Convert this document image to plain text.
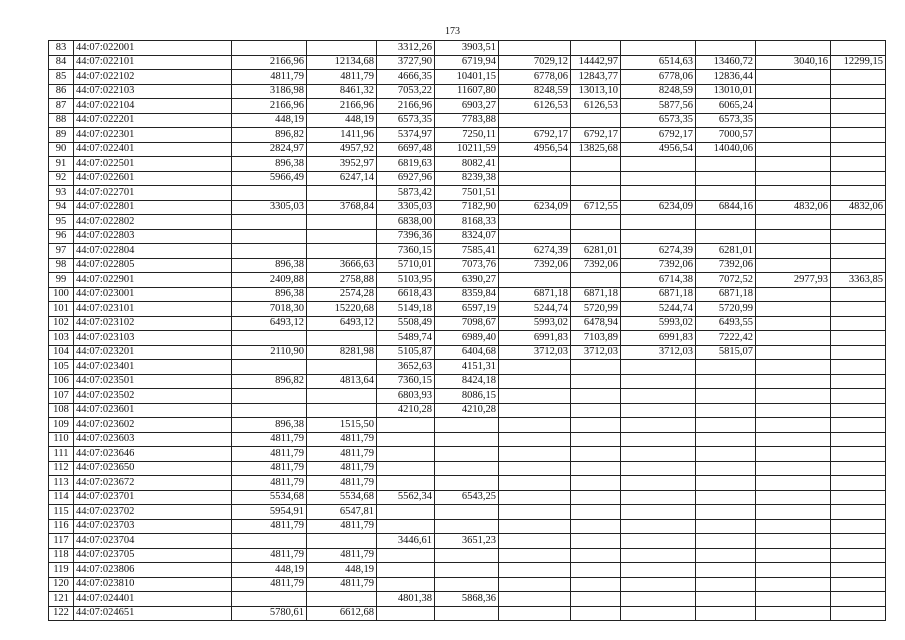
173
83	44:07:022001			3312,26	3903,51						
84	44:07:022101	2166,96	12134,68	3727,90	6719,94	7029,12	14442,97	6514,63	13460,72	3040,16	12299,15
85	44:07:022102	4811,79	4811,79	4666,35	10401,15	6778,06	12843,77	6778,06	12836,44		
86	44:07:022103	3186,98	8461,32	7053,22	11607,80	8248,59	13013,10	8248,59	13010,01		
87	44:07:022104	2166,96	2166,96	2166,96	6903,27	6126,53	6126,53	5877,56	6065,24		
88	44:07:022201	448,19	448,19	6573,35	7783,88			6573,35	6573,35		
89	44:07:022301	896,82	1411,96	5374,97	7250,11	6792,17	6792,17	6792,17	7000,57		
90	44:07:022401	2824,97	4957,92	6697,48	10211,59	4956,54	13825,68	4956,54	14040,06		
91	44:07:022501	896,38	3952,97	6819,63	8082,41						
92	44:07:022601	5966,49	6247,14	6927,96	8239,38						
93	44:07:022701			5873,42	7501,51						
94	44:07:022801	3305,03	3768,84	3305,03	7182,90	6234,09	6712,55	6234,09	6844,16	4832,06	4832,06
95	44:07:022802			6838,00	8168,33						
96	44:07:022803			7396,36	8324,07						
97	44:07:022804			7360,15	7585,41	6274,39	6281,01	6274,39	6281,01		
98	44:07:022805	896,38	3666,63	5710,01	7073,76	7392,06	7392,06	7392,06	7392,06		
99	44:07:022901	2409,88	2758,88	5103,95	6390,27			6714,38	7072,52	2977,93	3363,85
100	44:07:023001	896,38	2574,28	6618,43	8359,84	6871,18	6871,18	6871,18	6871,18		
101	44:07:023101	7018,30	15220,68	5149,18	6597,19	5244,74	5720,99	5244,74	5720,99		
102	44:07:023102	6493,12	6493,12	5508,49	7098,67	5993,02	6478,94	5993,02	6493,55		
103	44:07:023103			5489,74	6989,40	6991,83	7103,89	6991,83	7222,42		
104	44:07:023201	2110,90	8281,98	5105,87	6404,68	3712,03	3712,03	3712,03	5815,07		
105	44:07:023401			3652,63	4151,31						
106	44:07:023501	896,82	4813,64	7360,15	8424,18						
107	44:07:023502			6803,93	8086,15						
108	44:07:023601			4210,28	4210,28						
109	44:07:023602	896,38	1515,50								
110	44:07:023603	4811,79	4811,79								
111	44:07:023646	4811,79	4811,79								
112	44:07:023650	4811,79	4811,79								
113	44:07:023672	4811,79	4811,79								
114	44:07:023701	5534,68	5534,68	5562,34	6543,25						
115	44:07:023702	5954,91	6547,81								
116	44:07:023703	4811,79	4811,79								
117	44:07:023704			3446,61	3651,23						
118	44:07:023705	4811,79	4811,79								
119	44:07:023806	448,19	448,19								
120	44:07:023810	4811,79	4811,79								
121	44:07:024401			4801,38	5868,36						
122	44:07:024651	5780,61	6612,68								
